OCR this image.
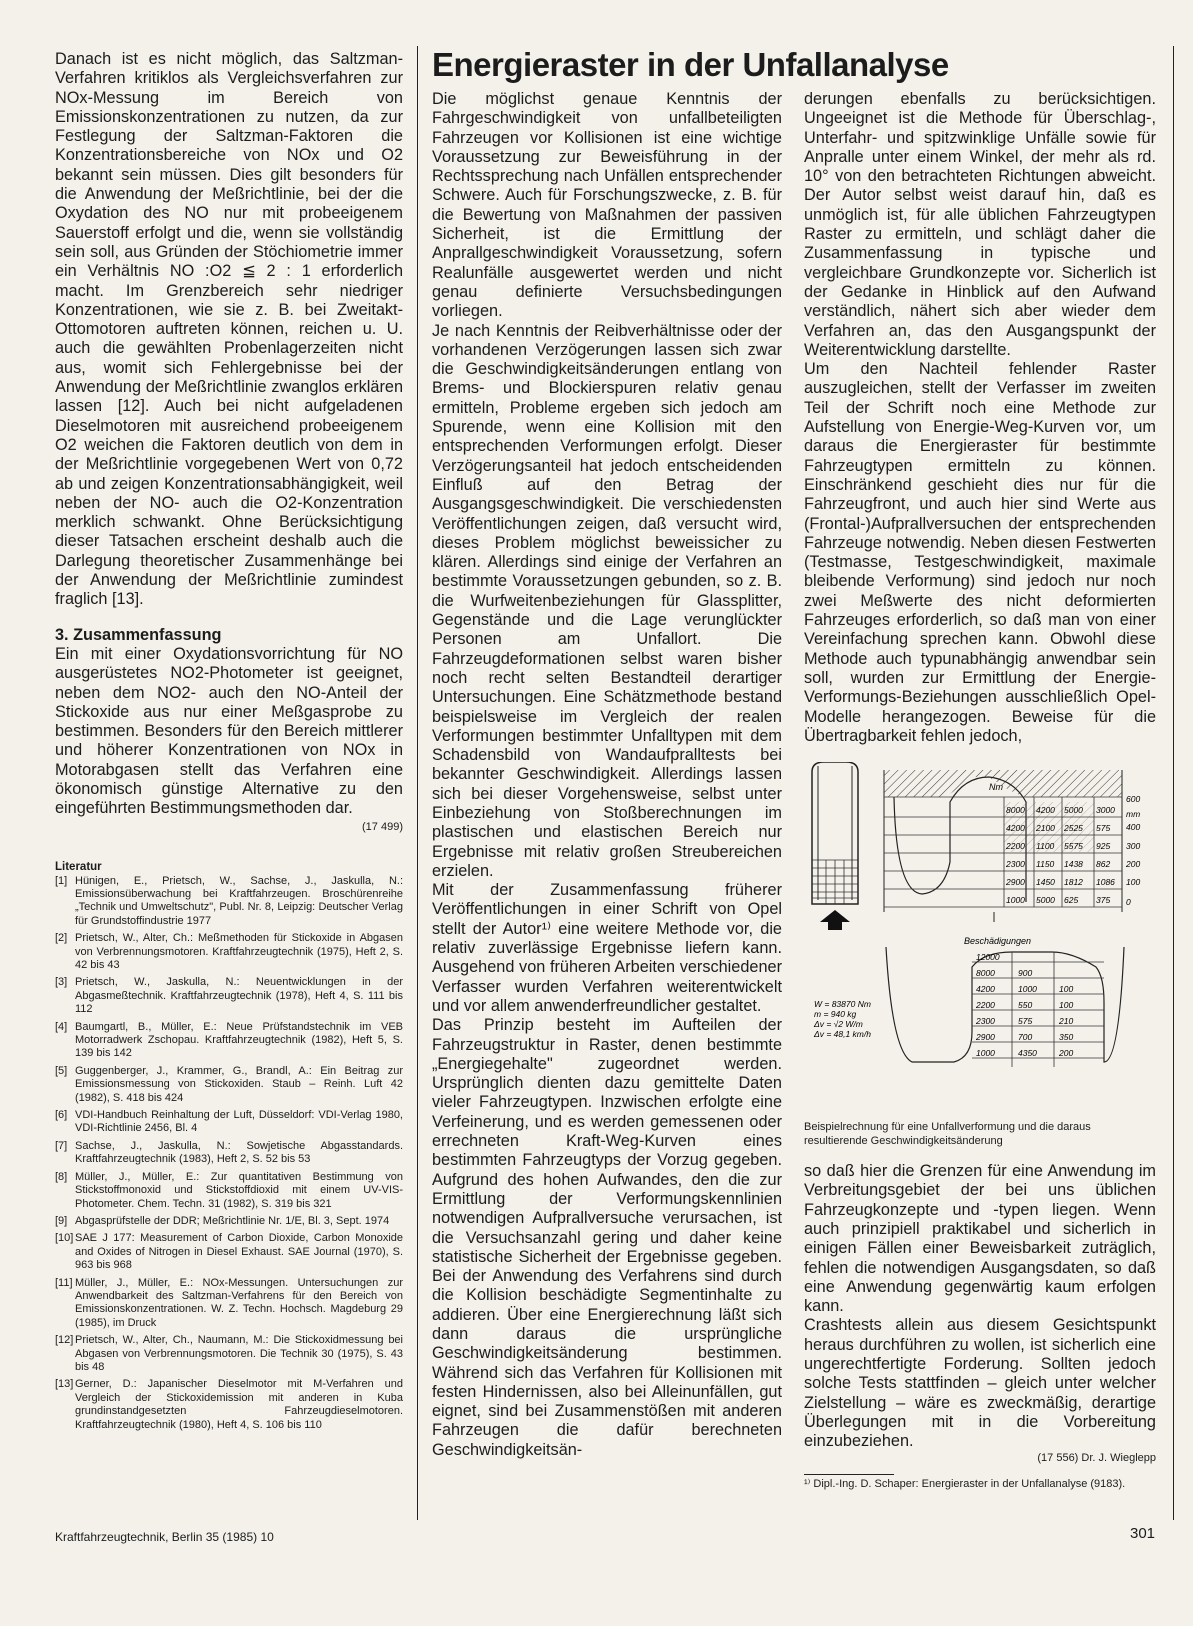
Danach ist es nicht möglich, das Saltzman-Verfahren kritiklos als Vergleichsverfahren zur NOx-Messung im Bereich von Emissionskonzentrationen zu nutzen, da zur Festlegung der Saltzman-Faktoren die Konzentrationsbereiche von NOx und O2 bekannt sein müssen. Dies gilt besonders für die Anwendung der Meßrichtlinie, bei der die Oxydation des NO nur mit probeeigenem Sauerstoff erfolgt und die, wenn sie vollständig sein soll, aus Gründen der Stöchiometrie immer ein Verhältnis NO :O2 ≦ 2 : 1 erforderlich macht. Im Grenzbereich sehr niedriger Konzentrationen, wie sie z. B. bei Zweitakt-Ottomotoren auftreten können, reichen u. U. auch die gewählten Probenlagerzeiten nicht aus, womit sich Fehlergebnisse bei der Anwendung der Meßrichtlinie zwanglos erklären lassen [12]. Auch bei nicht aufgeladenen Dieselmotoren mit ausreichend probeeigenem O2 weichen die Faktoren deutlich von dem in der Meßrichtlinie vorgegebenen Wert von 0,72 ab und zeigen Konzentrationsabhängigkeit, weil neben der NO- auch die O2-Konzentration merklich schwankt. Ohne Berücksichtigung dieser Tatsachen erscheint deshalb auch die Darlegung theoretischer Zusammenhänge bei der Anwendung der Meßrichtlinie zumindest fraglich [13].

3. Zusammenfassung

Ein mit einer Oxydationsvorrichtung für NO ausgerüstetes NO2-Photometer ist geeignet, neben dem NO2- auch den NO-Anteil der Stickoxide aus nur einer Meßgasprobe zu bestimmen. Besonders für den Bereich mittlerer und höherer Konzentrationen von NOx in Motorabgasen stellt das Verfahren eine ökonomisch günstige Alternative zu den eingeführten Bestimmungsmethoden dar.

(17 499)
Literatur
[1] Hünigen, E., Prietsch, W., Sachse, J., Jaskulla, N.: Emissionsüberwachung bei Kraftfahrzeugen. Broschürenreihe „Technik und Umweltschutz", Publ. Nr. 8, Leipzig: Deutscher Verlag für Grundstoffindustrie 1977
[2] Prietsch, W., Alter, Ch.: Meßmethoden für Stickoxide in Abgasen von Verbrennungsmotoren. Kraftfahrzeugtechnik (1975), Heft 2, S. 42 bis 43
[3] Prietsch, W., Jaskulla, N.: Neuentwicklungen in der Abgasmeßtechnik. Kraftfahrzeugtechnik (1978), Heft 4, S. 111 bis 112
[4] Baumgartl, B., Müller, E.: Neue Prüfstandstechnik im VEB Motorradwerk Zschopau. Kraftfahrzeugtechnik (1982), Heft 5, S. 139 bis 142
[5] Guggenberger, J., Krammer, G., Brandl, A.: Ein Beitrag zur Emissionsmessung von Stickoxiden. Staub – Reinh. Luft 42 (1982), S. 418 bis 424
[6] VDI-Handbuch Reinhaltung der Luft, Düsseldorf: VDI-Verlag 1980, VDI-Richtlinie 2456, Bl. 4
[7] Sachse, J., Jaskulla, N.: Sowjetische Abgasstandards. Kraftfahrzeugtechnik (1983), Heft 2, S. 52 bis 53
[8] Müller, J., Müller, E.: Zur quantitativen Bestimmung von Stickstoffmonoxid und Stickstoffdioxid mit einem UV-VIS-Photometer. Chem. Techn. 31 (1982), S. 319 bis 321
[9] Abgasprüfstelle der DDR; Meßrichtlinie Nr. 1/E, Bl. 3, Sept. 1974
[10] SAE J 177: Measurement of Carbon Dioxide, Carbon Monoxide and Oxides of Nitrogen in Diesel Exhaust. SAE Journal (1970), S. 963 bis 968
[11] Müller, J., Müller, E.: NOx-Messungen. Untersuchungen zur Anwendbarkeit des Saltzman-Verfahrens für den Bereich von Emissionskonzentrationen. W. Z. Techn. Hochsch. Magdeburg 29 (1985), im Druck
[12] Prietsch, W., Alter, Ch., Naumann, M.: Die Stickoxidmessung bei Abgasen von Verbrennungsmotoren. Die Technik 30 (1975), S. 43 bis 48
[13] Gerner, D.: Japanischer Dieselmotor mit M-Verfahren und Vergleich der Stickoxidemission mit anderen in Kuba grundinstandgesetzten Fahrzeugdieselmotoren. Kraftfahrzeugtechnik (1980), Heft 4, S. 106 bis 110
Energieraster in der Unfallanalyse

Die möglichst genaue Kenntnis der Fahrgeschwindigkeit von unfallbeteiligten Fahrzeugen vor Kollisionen ist eine wichtige Voraussetzung zur Beweisführung in der Rechtssprechung nach Unfällen entsprechender Schwere. Auch für Forschungszwecke, z. B. für die Bewertung von Maßnahmen der passiven Sicherheit, ist die Ermittlung der Anprallgeschwindigkeit Voraussetzung, sofern Realunfälle ausgewertet werden und nicht genau definierte Versuchsbedingungen vorliegen.

Je nach Kenntnis der Reibverhältnisse oder der vorhandenen Verzögerungen lassen sich zwar die Geschwindigkeitsänderungen entlang von Brems- und Blockierspuren relativ genau ermitteln, Probleme ergeben sich jedoch am Spurende, wenn eine Kollision mit den entsprechenden Verformungen erfolgt. Dieser Verzögerungsanteil hat jedoch entscheidenden Einfluß auf den Betrag der Ausgangsgeschwindigkeit. Die verschiedensten Veröffentlichungen zeigen, daß versucht wird, dieses Problem möglichst beweissicher zu klären. Allerdings sind einige der Verfahren an bestimmte Voraussetzungen gebunden, so z. B. die Wurfweitenbeziehungen für Glassplitter, Gegenstände und die Lage verunglückter Personen am Unfallort. Die Fahrzeugdeformationen selbst waren bisher noch recht selten Bestandteil derartiger Untersuchungen. Eine Schätzmethode bestand beispielsweise im Vergleich der realen Verformungen bestimmter Unfalltypen mit dem Schadensbild von Wandaufpralltests bei bekannter Geschwindigkeit. Allerdings lassen sich bei dieser Vorgehensweise, selbst unter Einbeziehung von Stoßberechnungen im plastischen und elastischen Bereich nur Ergebnisse mit relativ großen Streubereichen erzielen.

Mit der Zusammenfassung früherer Veröffentlichungen in einer Schrift von Opel stellt der Autor¹⁾ eine weitere Methode vor, die relativ zuverlässige Ergebnisse liefern kann. Ausgehend von früheren Arbeiten verschiedener Verfasser wurden Verfahren weiterentwickelt und vor allem anwenderfreundlicher gestaltet.

Das Prinzip besteht im Aufteilen der Fahrzeugstruktur in Raster, denen bestimmte „Energiegehalte" zugeordnet werden. Ursprünglich dienten dazu gemittelte Daten vieler Fahrzeugtypen. Inzwischen erfolgte eine Verfeinerung, und es werden gemessenen oder errechneten Kraft-Weg-Kurven eines bestimmten Fahrzeugtyps der Vorzug gegeben. Aufgrund des hohen Aufwandes, den die zur Ermittlung der Verformungskennlinien notwendigen Aufprallversuche verursachen, ist die Versuchsanzahl gering und daher keine statistische Sicherheit der Ergebnisse gegeben. Bei der Anwendung des Verfahrens sind durch die Kollision beschädigte Segmentinhalte zu addieren. Über eine Energierechnung läßt sich dann daraus die ursprüngliche Geschwindigkeitsänderung bestimmen. Während sich das Verfahren für Kollisionen mit festen Hindernissen, also bei Alleinunfällen, gut eignet, sind bei Zusammenstößen mit anderen Fahrzeugen die dafür berechneten Geschwindigkeitsän-

derungen ebenfalls zu berücksichtigen. Ungeeignet ist die Methode für Überschlag-, Unterfahr- und spitzwinklige Unfälle sowie für Anpralle unter einem Winkel, der mehr als rd. 10° von den betrachteten Richtungen abweicht. Der Autor selbst weist darauf hin, daß es unmöglich ist, für alle üblichen Fahrzeugtypen Raster zu ermitteln, und schlägt daher die Zusammenfassung in typische und vergleichbare Grundkonzepte vor. Sicherlich ist der Gedanke in Hinblick auf den Aufwand verständlich, nähert sich aber wieder dem Verfahren an, das den Ausgangspunkt der Weiterentwicklung darstellte.

Um den Nachteil fehlender Raster auszugleichen, stellt der Verfasser im zweiten Teil der Schrift noch eine Methode zur Aufstellung von Energie-Weg-Kurven vor, um daraus die Energieraster für bestimmte Fahrzeugtypen ermitteln zu können. Einschränkend geschieht dies nur für die Fahrzeugfront, und auch hier sind Werte aus (Frontal-)Aufprallversuchen der entsprechenden Fahrzeuge notwendig. Neben diesen Festwerten (Testmasse, Testgeschwindigkeit, maximale bleibende Verformung) sind jedoch nur noch zwei Meßwerte des nicht deformierten Fahrzeuges erforderlich, so daß man von einer Vereinfachung sprechen kann. Obwohl diese Methode auch typunabhängig anwendbar sein soll, wurden zur Ermittlung der Energie-Verformungs-Beziehungen ausschließlich Opel-Modelle herangezogen. Beweise für die Übertragbarkeit fehlen jedoch,

Nm
8000 4200 5000 3000
4200 2100 2525 575
2200 1100 5575 925
2300 1150 1438 862
2900 1450 1812 1086
1000 5000 625 375
600
mm
400
300
200
100
0
Beschädigungen
12000
8000	900
4200	1000	100
2200	550	100
2300	575	210
2900	700	350
1000	4350	200
W = 83870 Nm
m = 940 kg
Δv = √2 W/m
Δv = 48,1 km/h
Beispielrechnung für eine Unfallverformung und die daraus resultierende Geschwindigkeitsänderung

so daß hier die Grenzen für eine Anwendung im Verbreitungsgebiet der bei uns üblichen Fahrzeugkonzepte und -typen liegen. Wenn auch prinzipiell praktikabel und sicherlich in einigen Fällen einer Beweisbarkeit zuträglich, fehlen die notwendigen Ausgangsdaten, so daß eine Anwendung gegenwärtig kaum erfolgen kann.

Crashtests allein aus diesem Gesichtspunkt heraus durchführen zu wollen, ist sicherlich eine ungerechtfertigte Forderung. Sollten jedoch solche Tests stattfinden – gleich unter welcher Zielstellung – wäre es zweckmäßig, derartige Überlegungen mit in die Vorbereitung einzubeziehen.

(17 556) Dr. J. Wieglepp
¹⁾ Dipl.-Ing. D. Schaper: Energieraster in der Unfallanalyse (9183).
Kraftfahrzeugtechnik, Berlin 35 (1985) 10	301
